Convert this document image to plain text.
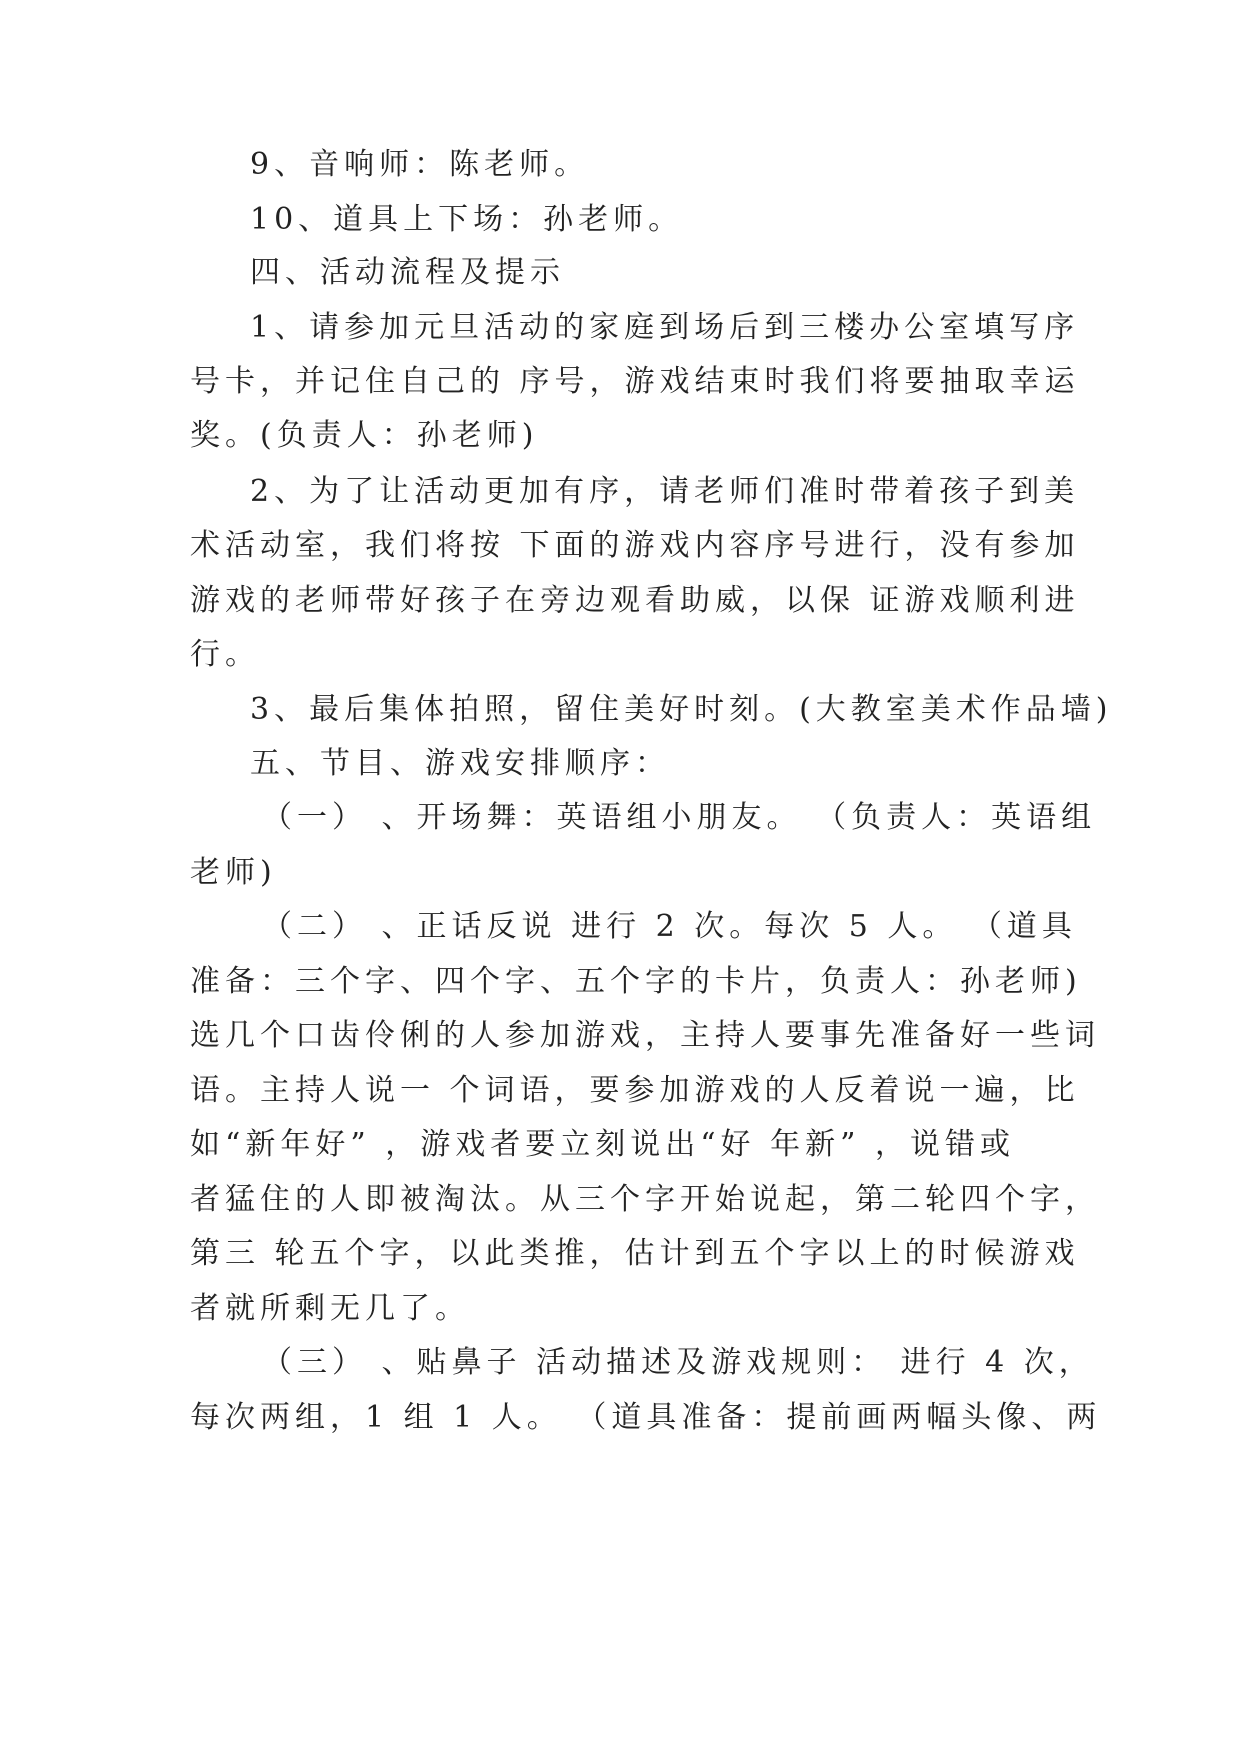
9、音响师：陈老师。
10、道具上下场：孙老师。
四、活动流程及提示
1、请参加元旦活动的家庭到场后到三楼办公室填写序
号卡，并记住自己的 序号，游戏结束时我们将要抽取幸运
奖。(负责人：孙老师)
2、为了让活动更加有序，请老师们准时带着孩子到美
术活动室，我们将按 下面的游戏内容序号进行，没有参加
游戏的老师带好孩子在旁边观看助威，以保 证游戏顺利进
行。
3、最后集体拍照，留住美好时刻。(大教室美术作品墙)
五、节目、游戏安排顺序：
（一） 、开场舞：英语组小朋友。 （负责人：英语组
老师)
（二） 、正话反说 进行 2 次。每次 5 人。 （道具
准备：三个字、四个字、五个字的卡片，负责人：孙老师)
选几个口齿伶俐的人参加游戏，主持人要事先准备好一些词
语。主持人说一 个词语，要参加游戏的人反着说一遍，比
如“新年好” ，游戏者要立刻说出“好 年新” ，说错或
者猛住的人即被淘汰。从三个字开始说起，第二轮四个字，
第三 轮五个字，以此类推，估计到五个字以上的时候游戏
者就所剩无几了。
（三） 、贴鼻子 活动描述及游戏规则： 进行 4 次，
每次两组，1 组 1 人。 （道具准备：提前画两幅头像、两
